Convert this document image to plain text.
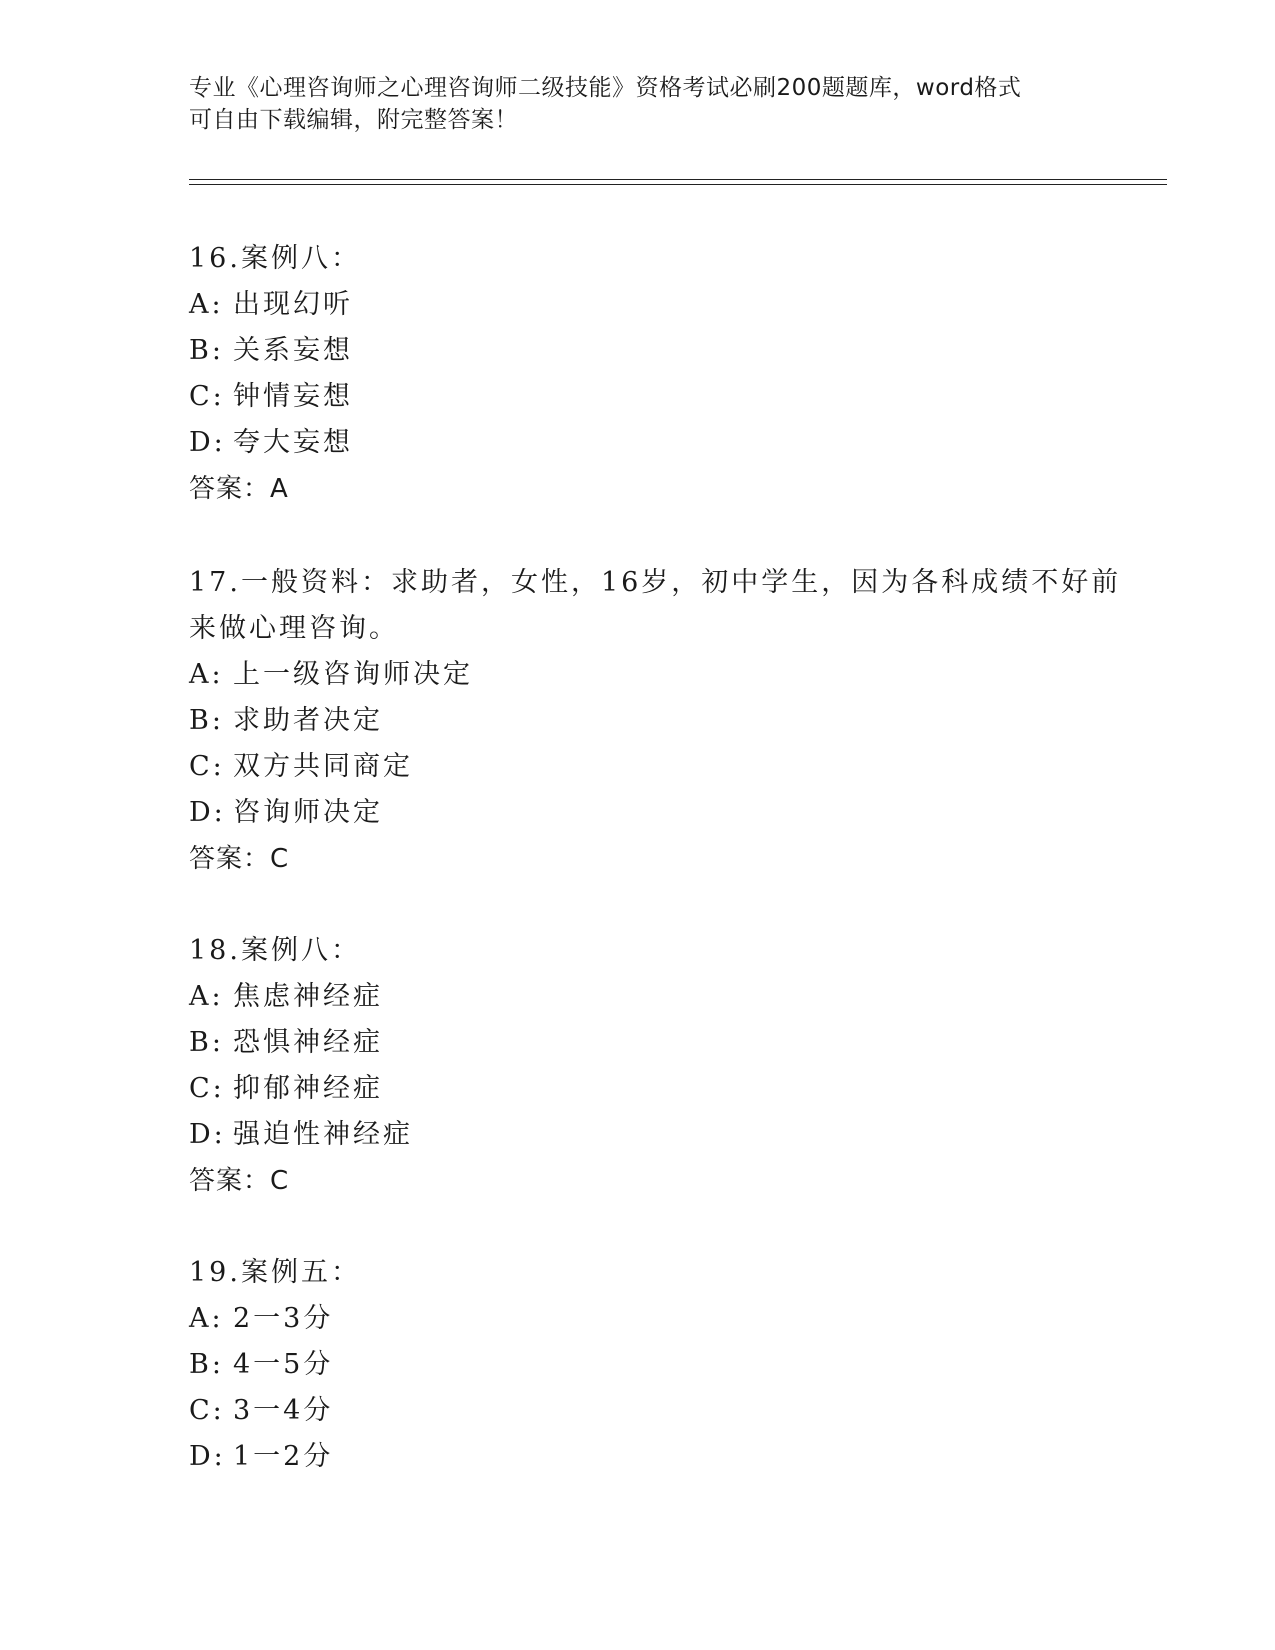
专业《心理咨询师之心理咨询师二级技能》资格考试必刷200题题库，word格式
可自由下载编辑，附完整答案！
16.案例八：
A: 出现幻听
B: 关系妄想
C: 钟情妄想
D: 夸大妄想
答案：A
17.一般资料：求助者，女性，16岁，初中学生，因为各科成绩不好前
来做心理咨询。
A: 上一级咨询师决定
B: 求助者决定
C: 双方共同商定
D: 咨询师决定
答案：C
18.案例八：
A: 焦虑神经症
B: 恐惧神经症
C: 抑郁神经症
D: 强迫性神经症
答案：C
19.案例五：
A: 2一3分
B: 4一5分
C: 3一4分
D: 1一2分
